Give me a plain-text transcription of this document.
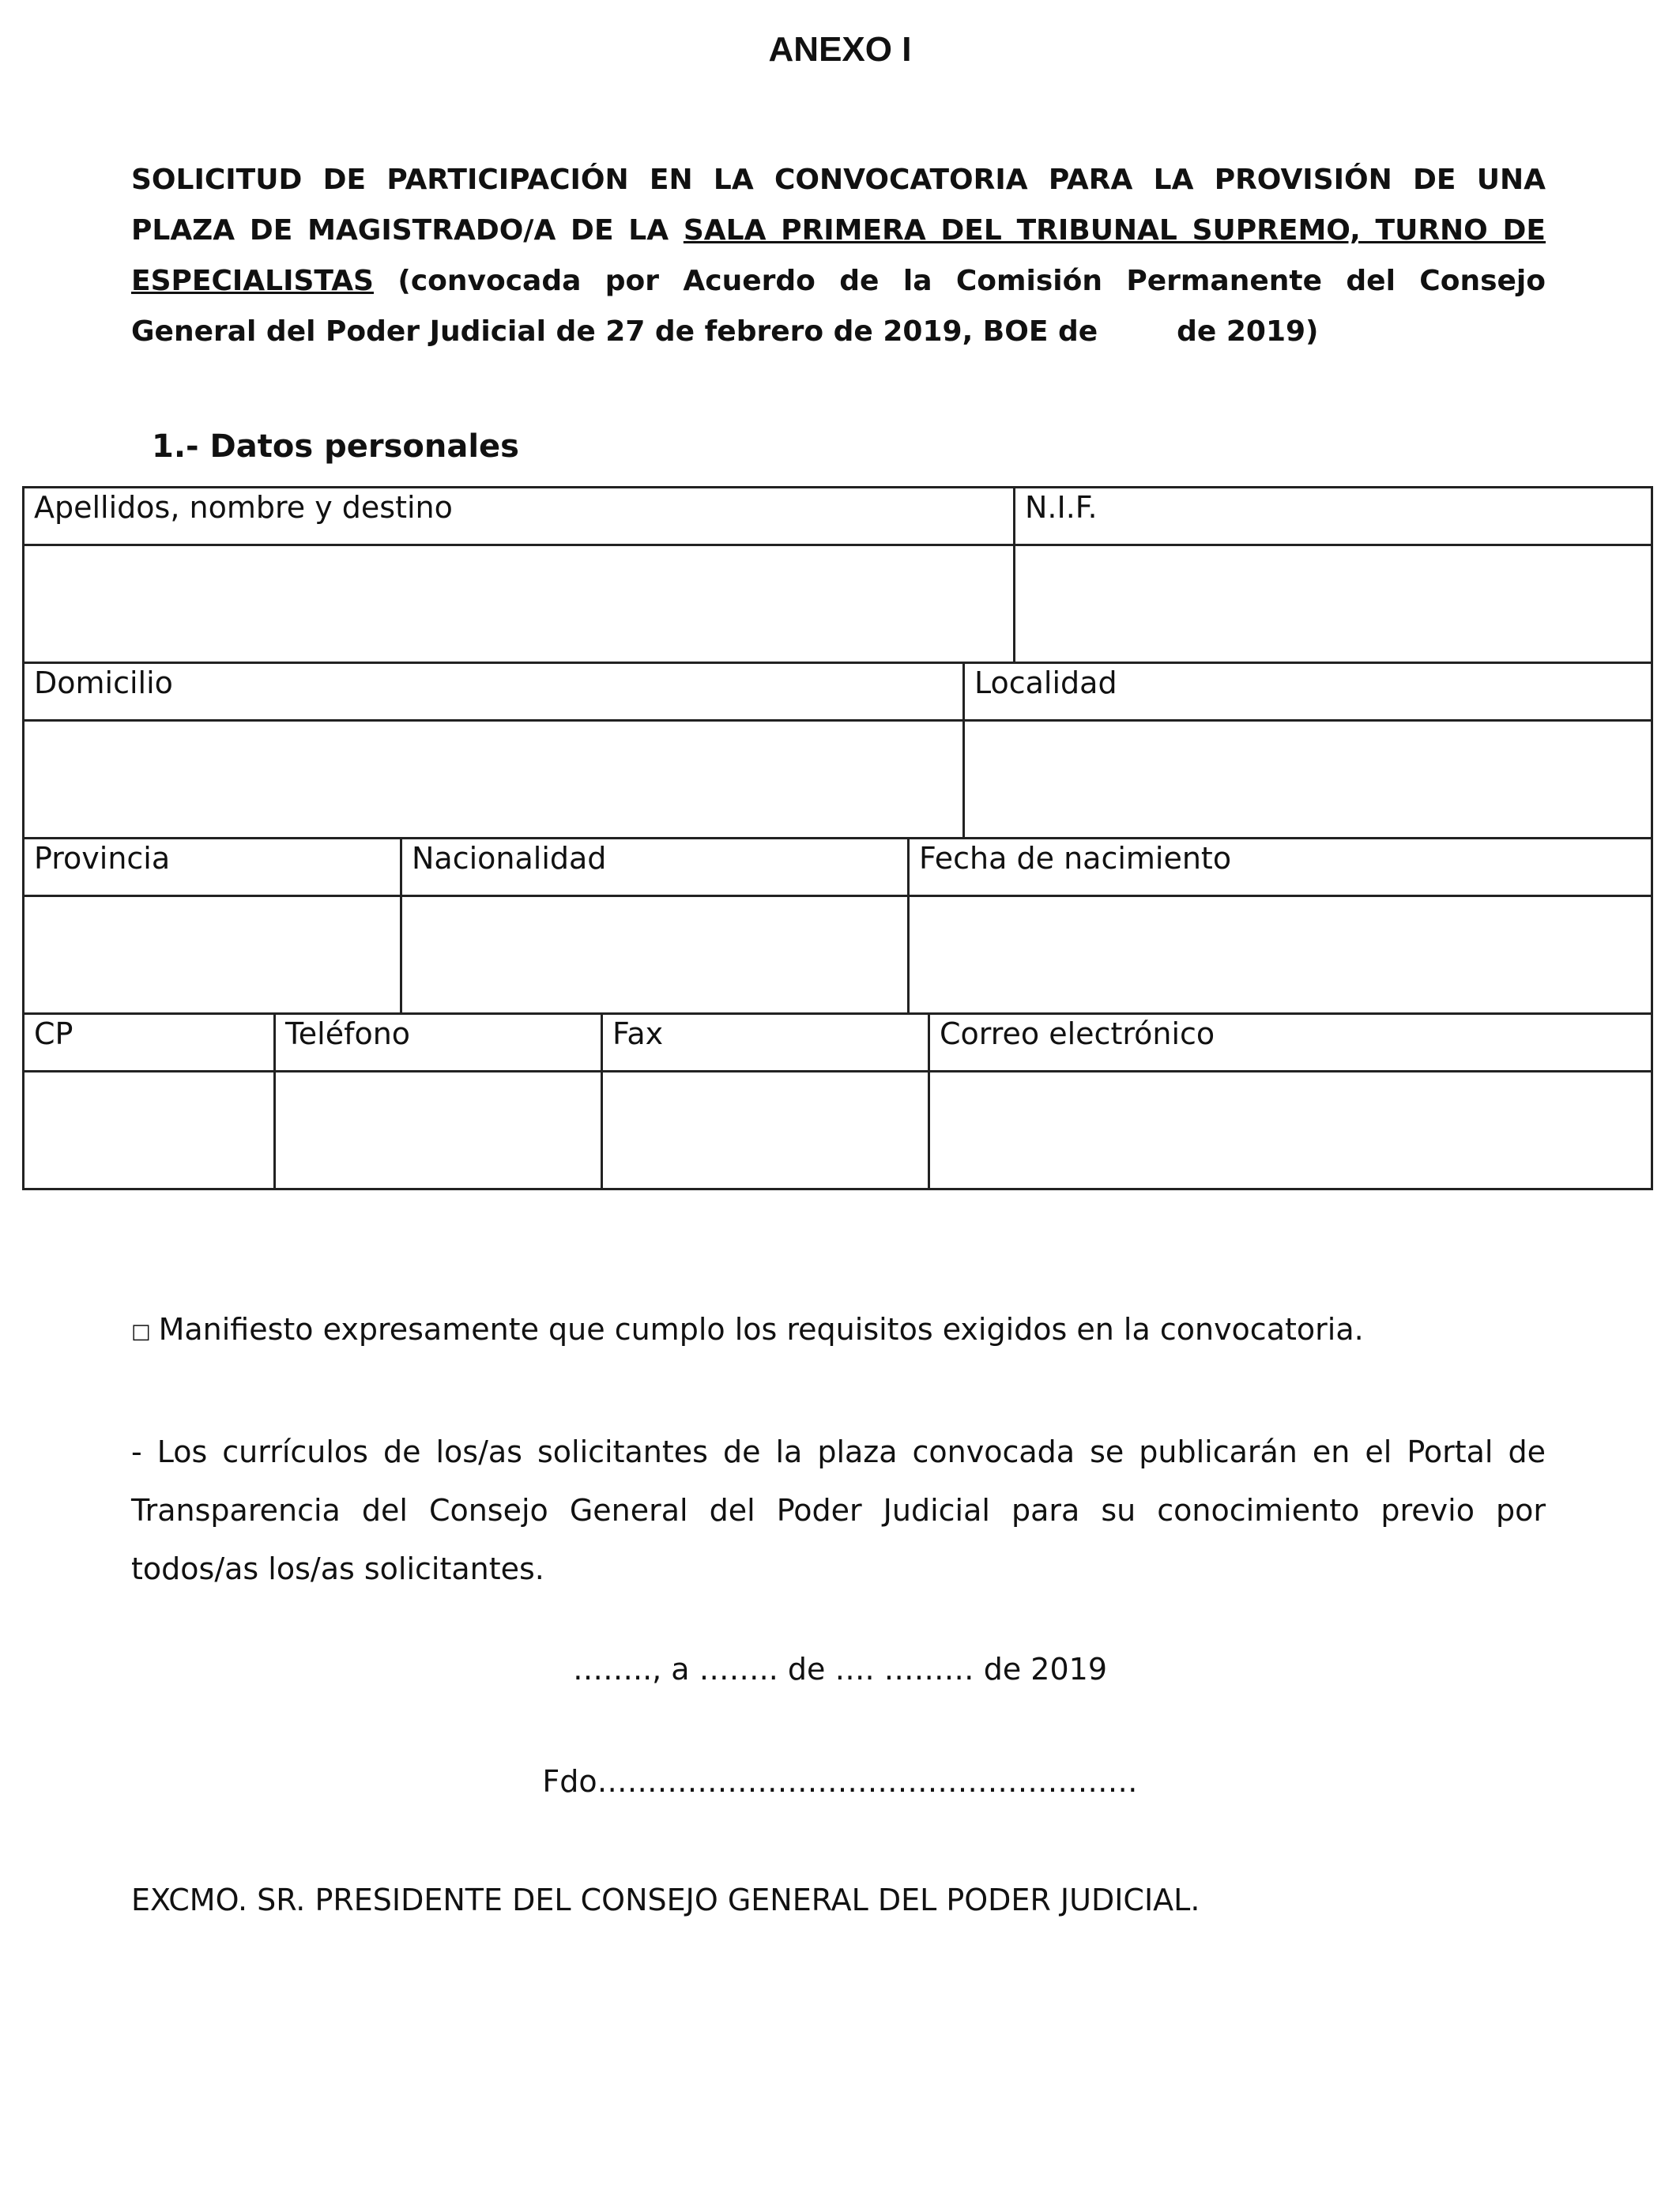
ANEXO I
SOLICITUD DE PARTICIPACIÓN EN LA CONVOCATORIA PARA LA PROVISIÓN DE UNA PLAZA DE MAGISTRADO/A DE LA SALA PRIMERA DEL TRIBUNAL SUPREMO, TURNO DE ESPECIALISTAS (convocada por Acuerdo de la Comisión Permanente del Consejo General del Poder Judicial de 27 de febrero de 2019, BOE de	de 2019)
1.- Datos personales
Apellidos, nombre y destino	N.I.F.

Domicilio	Localidad

Provincia	Nacionalidad	Fecha de nacimiento

CP	Teléfono	Fax	Correo electrónico

□ Manifiesto expresamente que cumplo los requisitos exigidos en la convocatoria.
- Los currículos de los/as solicitantes de la plaza convocada se publicarán en el Portal de Transparencia del Consejo General del Poder Judicial para su conocimiento previo por todos/as los/as solicitantes.
…….., a …….. de …. ……… de 2019
Fdo………………………………………………
EXCMO. SR. PRESIDENTE DEL CONSEJO GENERAL DEL PODER JUDICIAL.
